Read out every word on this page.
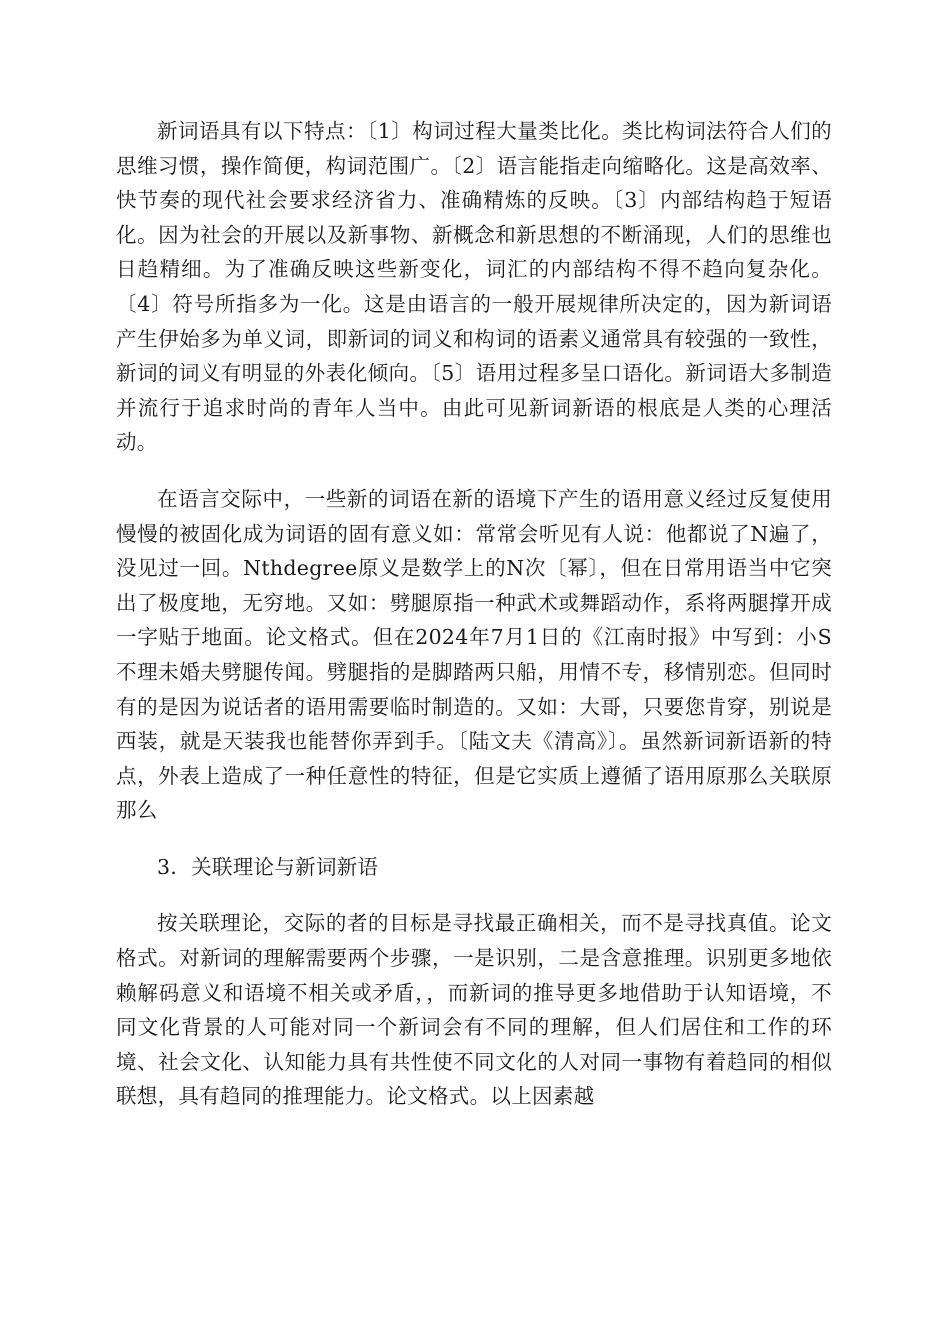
新词语具有以下特点：〔1〕构词过程大量类比化。类比构词法符合人们的思维习惯，操作简便，构词范围广。〔2〕语言能指走向缩略化。这是高效率、快节奏的现代社会要求经济省力、准确精炼的反映。〔3〕内部结构趋于短语化。因为社会的开展以及新事物、新概念和新思想的不断涌现，人们的思维也日趋精细。为了准确反映这些新变化，词汇的内部结构不得不趋向复杂化。〔4〕符号所指多为一化。这是由语言的一般开展规律所决定的，因为新词语产生伊始多为单义词，即新词的词义和构词的语素义通常具有较强的一致性，新词的词义有明显的外表化倾向。〔5〕语用过程多呈口语化。新词语大多制造并流行于追求时尚的青年人当中。由此可见新词新语的根底是人类的心理活动。

在语言交际中，一些新的词语在新的语境下产生的语用意义经过反复使用慢慢的被固化成为词语的固有意义如：常常会听见有人说：他都说了N遍了，没见过一回。Nthdegree原义是数学上的N次〔幂〕，但在日常用语当中它突出了极度地，无穷地。又如：劈腿原指一种武术或舞蹈动作，系将两腿撑开成一字贴于地面。论文格式。但在2024年7月1日的《江南时报》中写到：小S不理未婚夫劈腿传闻。劈腿指的是脚踏两只船，用情不专，移情别恋。但同时有的是因为说话者的语用需要临时制造的。又如：大哥，只要您肯穿，别说是西装，就是天装我也能替你弄到手。〔陆文夫《清高》〕。虽然新词新语新的特点，外表上造成了一种任意性的特征，但是它实质上遵循了语用原那么关联原那么

3．关联理论与新词新语

按关联理论，交际的者的目标是寻找最正确相关，而不是寻找真值。论文格式。对新词的理解需要两个步骤，一是识别，二是含意推理。识别更多地依赖解码意义和语境不相关或矛盾，，而新词的推导更多地借助于认知语境，不同文化背景的人可能对同一个新词会有不同的理解，但人们居住和工作的环境、社会文化、认知能力具有共性使不同文化的人对同一事物有着趋同的相似联想，具有趋同的推理能力。论文格式。以上因素越
